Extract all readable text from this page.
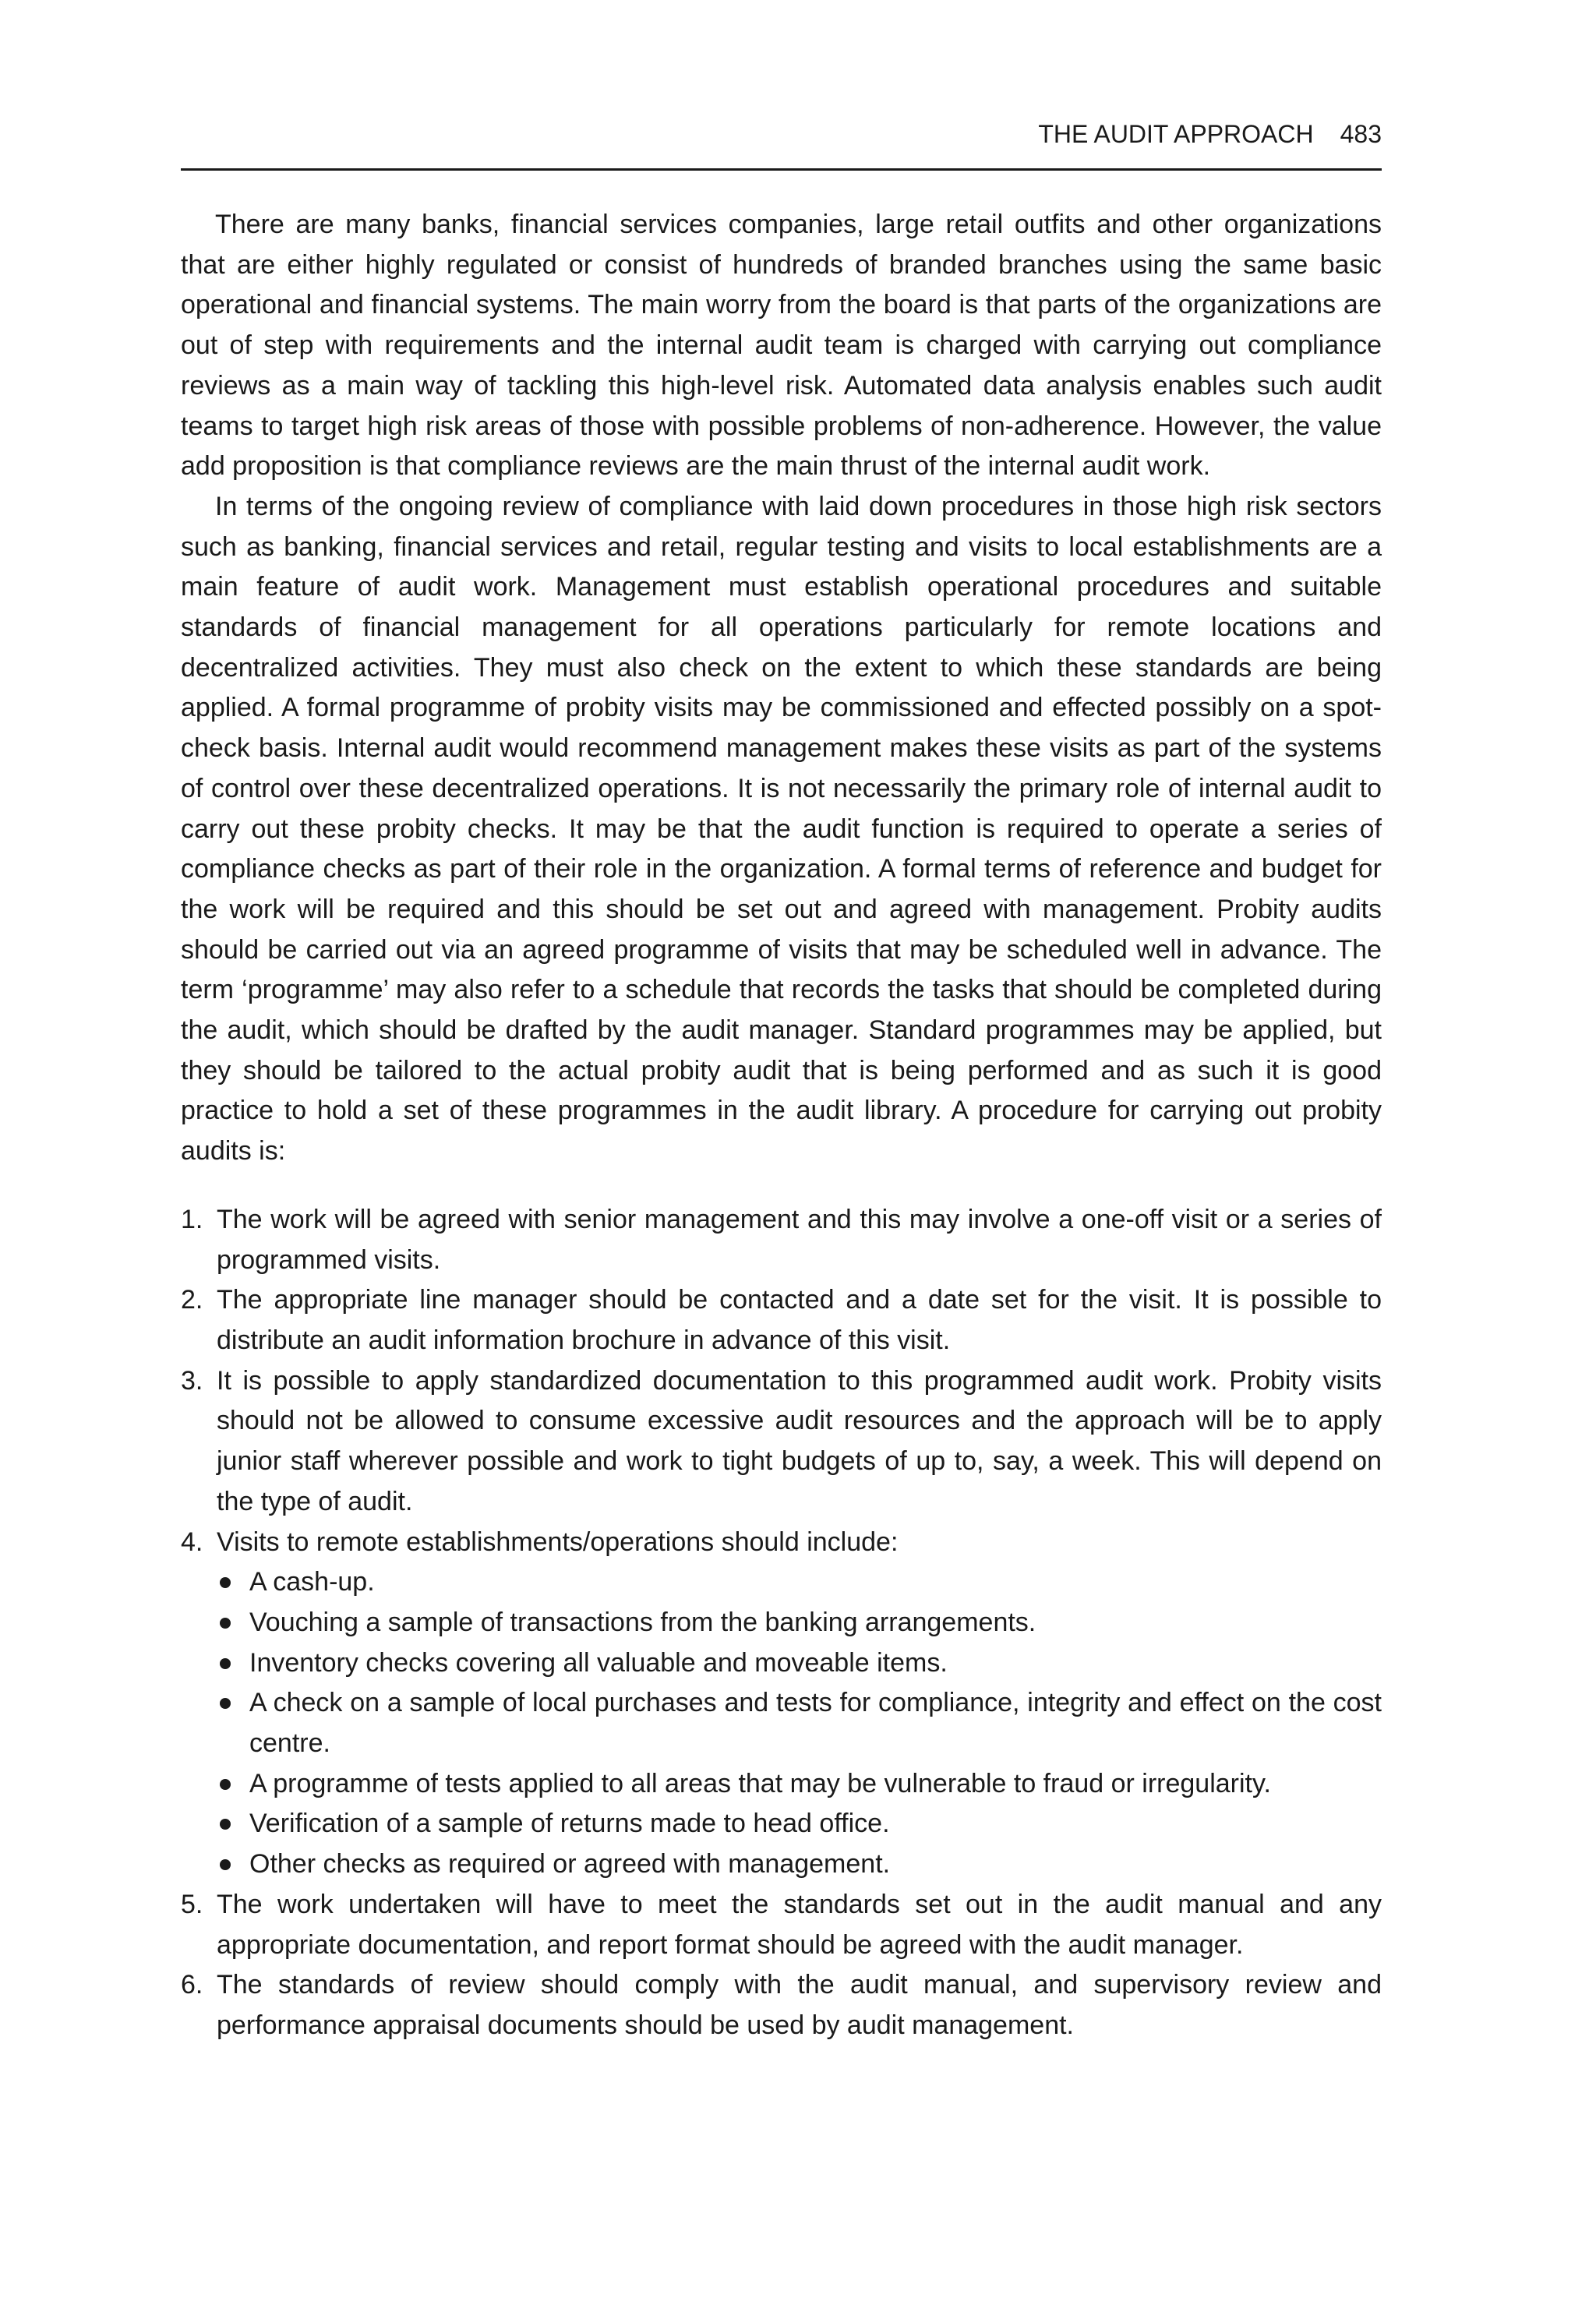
THE AUDIT APPROACH 483

There are many banks, financial services companies, large retail outfits and other organizations that are either highly regulated or consist of hundreds of branded branches using the same basic operational and financial systems. The main worry from the board is that parts of the organizations are out of step with requirements and the internal audit team is charged with carrying out compliance reviews as a main way of tackling this high-level risk. Automated data analysis enables such audit teams to target high risk areas of those with possible problems of non-adherence. However, the value add proposition is that compliance reviews are the main thrust of the internal audit work.

In terms of the ongoing review of compliance with laid down procedures in those high risk sectors such as banking, financial services and retail, regular testing and visits to local establishments are a main feature of audit work. Management must establish operational procedures and suitable standards of financial management for all operations particularly for remote locations and decentralized activities. They must also check on the extent to which these standards are being applied. A formal programme of probity visits may be commissioned and effected possibly on a spot-check basis. Internal audit would recommend management makes these visits as part of the systems of control over these decentralized operations. It is not necessarily the primary role of internal audit to carry out these probity checks. It may be that the audit function is required to operate a series of compliance checks as part of their role in the organization. A formal terms of reference and budget for the work will be required and this should be set out and agreed with management. Probity audits should be carried out via an agreed programme of visits that may be scheduled well in advance. The term ‘programme’ may also refer to a schedule that records the tasks that should be completed during the audit, which should be drafted by the audit manager. Standard programmes may be applied, but they should be tailored to the actual probity audit that is being performed and as such it is good practice to hold a set of these programmes in the audit library. A procedure for carrying out probity audits is:

1. The work will be agreed with senior management and this may involve a one-off visit or a series of programmed visits.
2. The appropriate line manager should be contacted and a date set for the visit. It is possible to distribute an audit information brochure in advance of this visit.
3. It is possible to apply standardized documentation to this programmed audit work. Probity visits should not be allowed to consume excessive audit resources and the approach will be to apply junior staff wherever possible and work to tight budgets of up to, say, a week. This will depend on the type of audit.
4. Visits to remote establishments/operations should include:
A cash-up.
Vouching a sample of transactions from the banking arrangements.
Inventory checks covering all valuable and moveable items.
A check on a sample of local purchases and tests for compliance, integrity and effect on the cost centre.
A programme of tests applied to all areas that may be vulnerable to fraud or irregularity.
Verification of a sample of returns made to head office.
Other checks as required or agreed with management.
5. The work undertaken will have to meet the standards set out in the audit manual and any appropriate documentation, and report format should be agreed with the audit manager.
6. The standards of review should comply with the audit manual, and supervisory review and performance appraisal documents should be used by audit management.
